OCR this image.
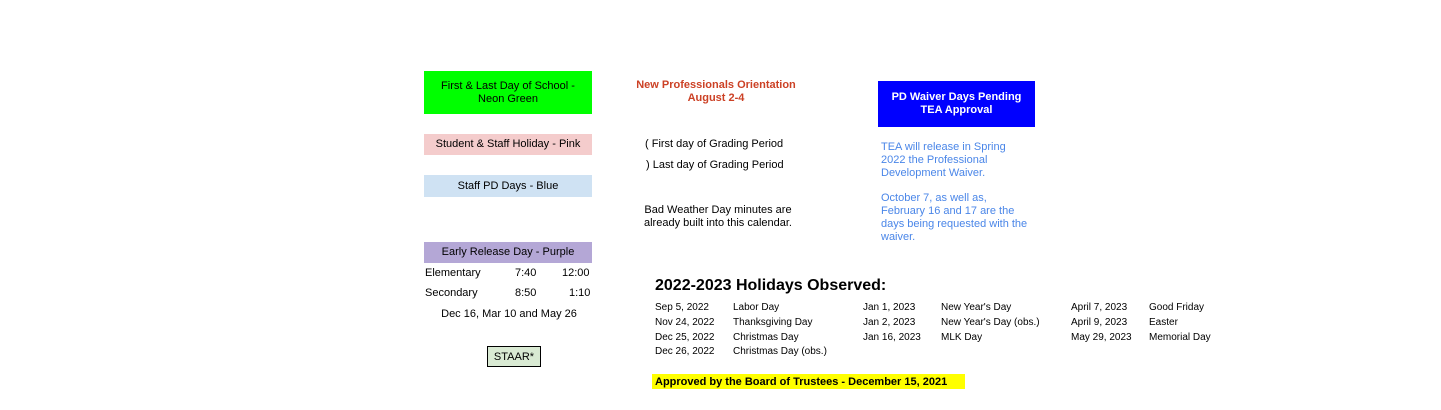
First & Last Day of School -
Neon Green
Student & Staff Holiday - Pink
Staff PD Days - Blue
Early Release Day - Purple
Elementary	7:40 12:00
Secondary	8:50	1:10
Dec 16, Mar 10 and May 26
STAAR*
New Professionals Orientation
August 2-4
( First day of Grading Period
) Last day of Grading Period
Bad Weather Day minutes are
already built into this calendar.
PD Waiver Days Pending
TEA Approval
TEA will release in Spring
2022 the Professional
Development Waiver.
October 7, as well as,
February 16 and 17 are the
days being requested with the
waiver.
2022-2023 Holidays Observed:
Sep 5, 2022 Labor Day
Nov 24, 2022 Thanksgiving Day
Dec 25, 2022 Christmas Day
Dec 26, 2022 Christmas Day (obs.)
Jan 1, 2023	New Year's Day
Jan 2, 2023	New Year's Day (obs.)
Jan 16, 2023 MLK Day
April 7, 2023 Good Friday
April 9, 2023 Easter
May 29, 2023 Memorial Day
Approved by the Board of Trustees - December 15, 2021
